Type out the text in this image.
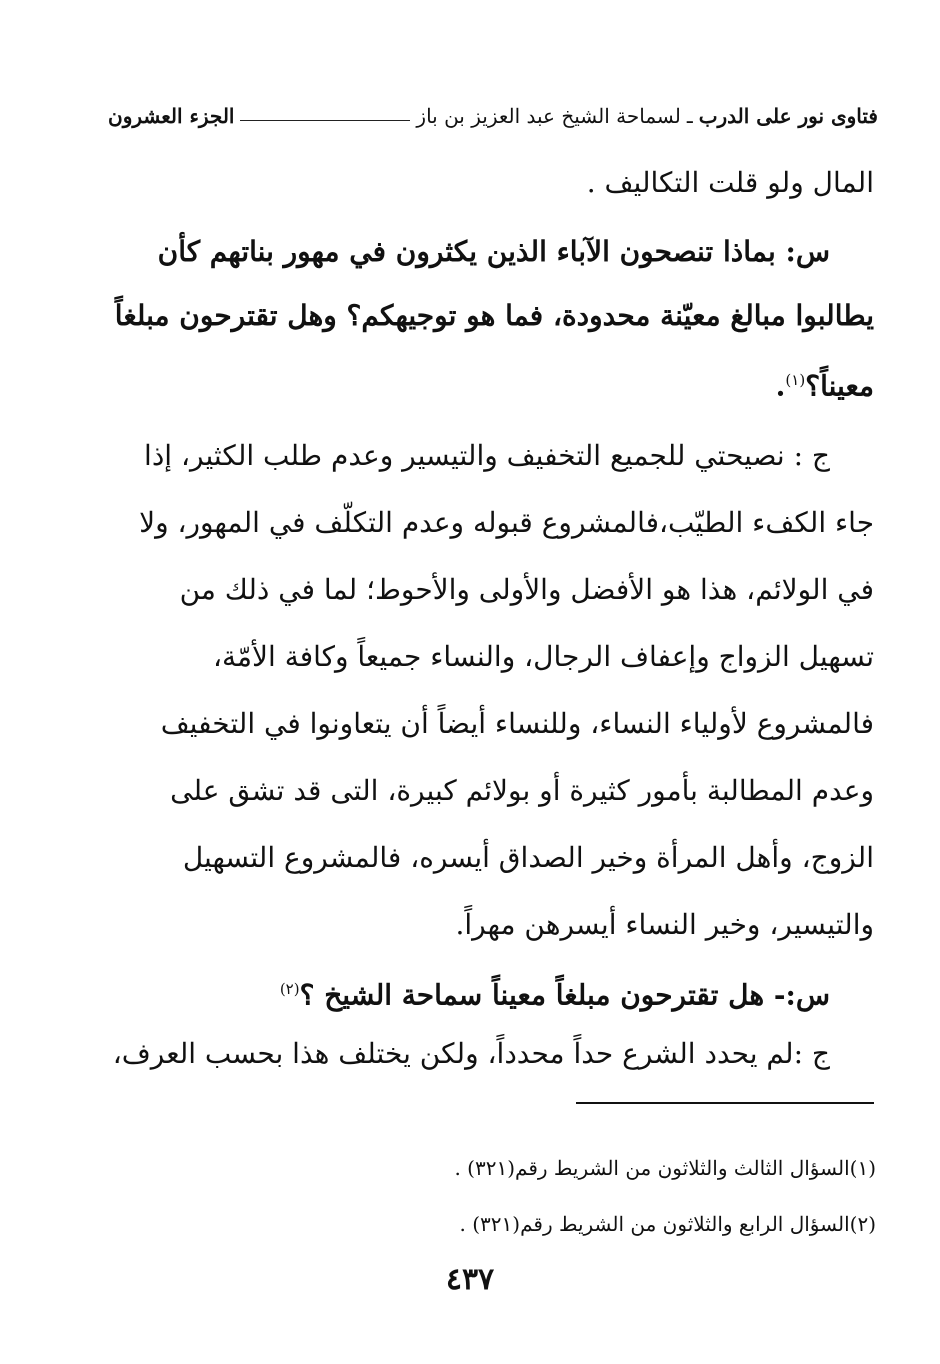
فتاوى نور على الدرب
ـ
لسماحة الشيخ عبد العزيز بن باز
الجزء العشرون
المال ولو قلت التكاليف .
س: بماذا تنصحون الآباء الذين يكثرون في مهور بناتهم كأن
يطالبوا مبالغ معيّنة محدودة، فما هو توجيهكم؟ وهل تقترحون مبلغاً
معيناً؟$^{(١)}$.
ج : نصيحتي للجميع التخفيف والتيسير وعدم طلب الكثير، إذا
جاء الكفء الطيّب،فالمشروع قبوله وعدم التكلّف في المهور، ولا
في الولائم، هذا هو الأفضل والأولى والأحوط؛ لما في ذلك من
تسهيل الزواج وإعفاف الرجال، والنساء جميعاً وكافة الأمّة،
فالمشروع لأولياء النساء، وللنساء أيضاً أن يتعاونوا في التخفيف
وعدم المطالبة بأمور كثيرة أو بولائم كبيرة، التى قد تشق على
الزوج، وأهل المرأة وخير الصداق أيسره، فالمشروع التسهيل
والتيسير، وخير النساء أيسرهن مهراً.
س:- هل تقترحون مبلغاً معيناً سماحة الشيخ ؟$^{(٢)}$
ج :لم يحدد الشرع حداً محدداً، ولكن يختلف هذا بحسب العرف،
(١)السؤال الثالث والثلاثون من الشريط رقم(٣٢١) .
(٢)السؤال الرابع والثلاثون من الشريط رقم(٣٢١) .
٤٣٧
